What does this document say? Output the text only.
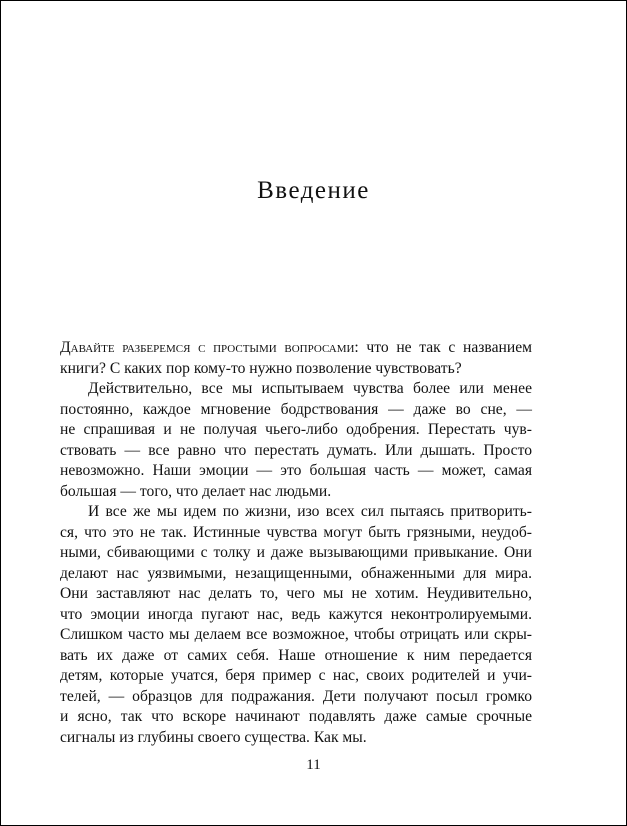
Введение
Давайте разберемся с простыми вопросами: что не так с названием
книги? С каких пор кому-то нужно позволение чувствовать?
Действительно, все мы испытываем чувства более или менее
постоянно, каждое мгновение бодрствования — даже во сне, —
не спрашивая и не получая чьего-либо одобрения. Перестать чув-
ствовать — все равно что перестать думать. Или дышать. Просто
невозможно. Наши эмоции — это большая часть — может, самая
большая — того, что делает нас людьми.
И все же мы идем по жизни, изо всех сил пытаясь притворить-
ся, что это не так. Истинные чувства могут быть грязными, неудоб-
ными, сбивающими с толку и даже вызывающими привыкание. Они
делают нас уязвимыми, незащищенными, обнаженными для мира.
Они заставляют нас делать то, чего мы не хотим. Неудивительно,
что эмоции иногда пугают нас, ведь кажутся неконтролируемыми.
Слишком часто мы делаем все возможное, чтобы отрицать или скры-
вать их даже от самих себя. Наше отношение к ним передается
детям, которые учатся, беря пример с нас, своих родителей и учи-
телей, — образцов для подражания. Дети получают посыл громко
и ясно, так что вскоре начинают подавлять даже самые срочные
сигналы из глубины своего существа. Как мы.

11
